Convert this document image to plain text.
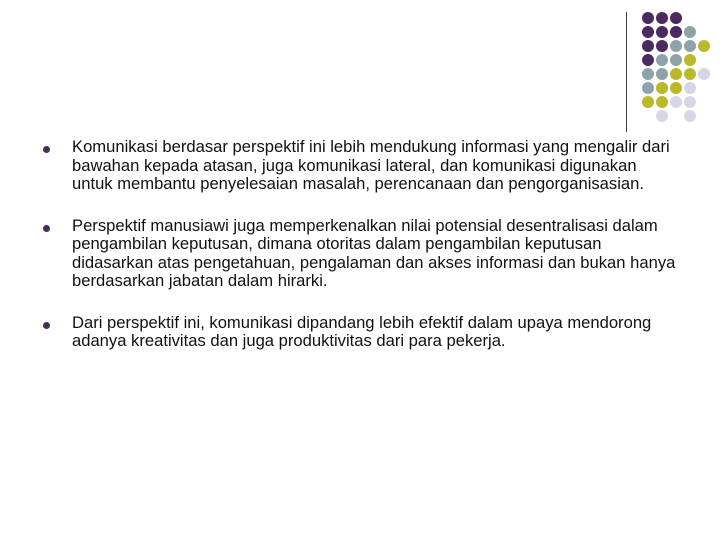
Komunikasi berdasar perspektif ini lebih mendukung informasi yang mengalir dari bawahan kepada atasan, juga komunikasi lateral, dan komunikasi digunakan untuk membantu penyelesaian masalah, perencanaan dan pengorganisasian.
Perspektif manusiawi juga memperkenalkan nilai potensial desentralisasi dalam pengambilan keputusan, dimana otoritas dalam pengambilan keputusan didasarkan atas pengetahuan, pengalaman dan akses informasi dan bukan hanya berdasarkan jabatan dalam hirarki.
Dari perspektif ini, komunikasi dipandang lebih efektif dalam upaya mendorong adanya kreativitas dan juga produktivitas dari para pekerja.
